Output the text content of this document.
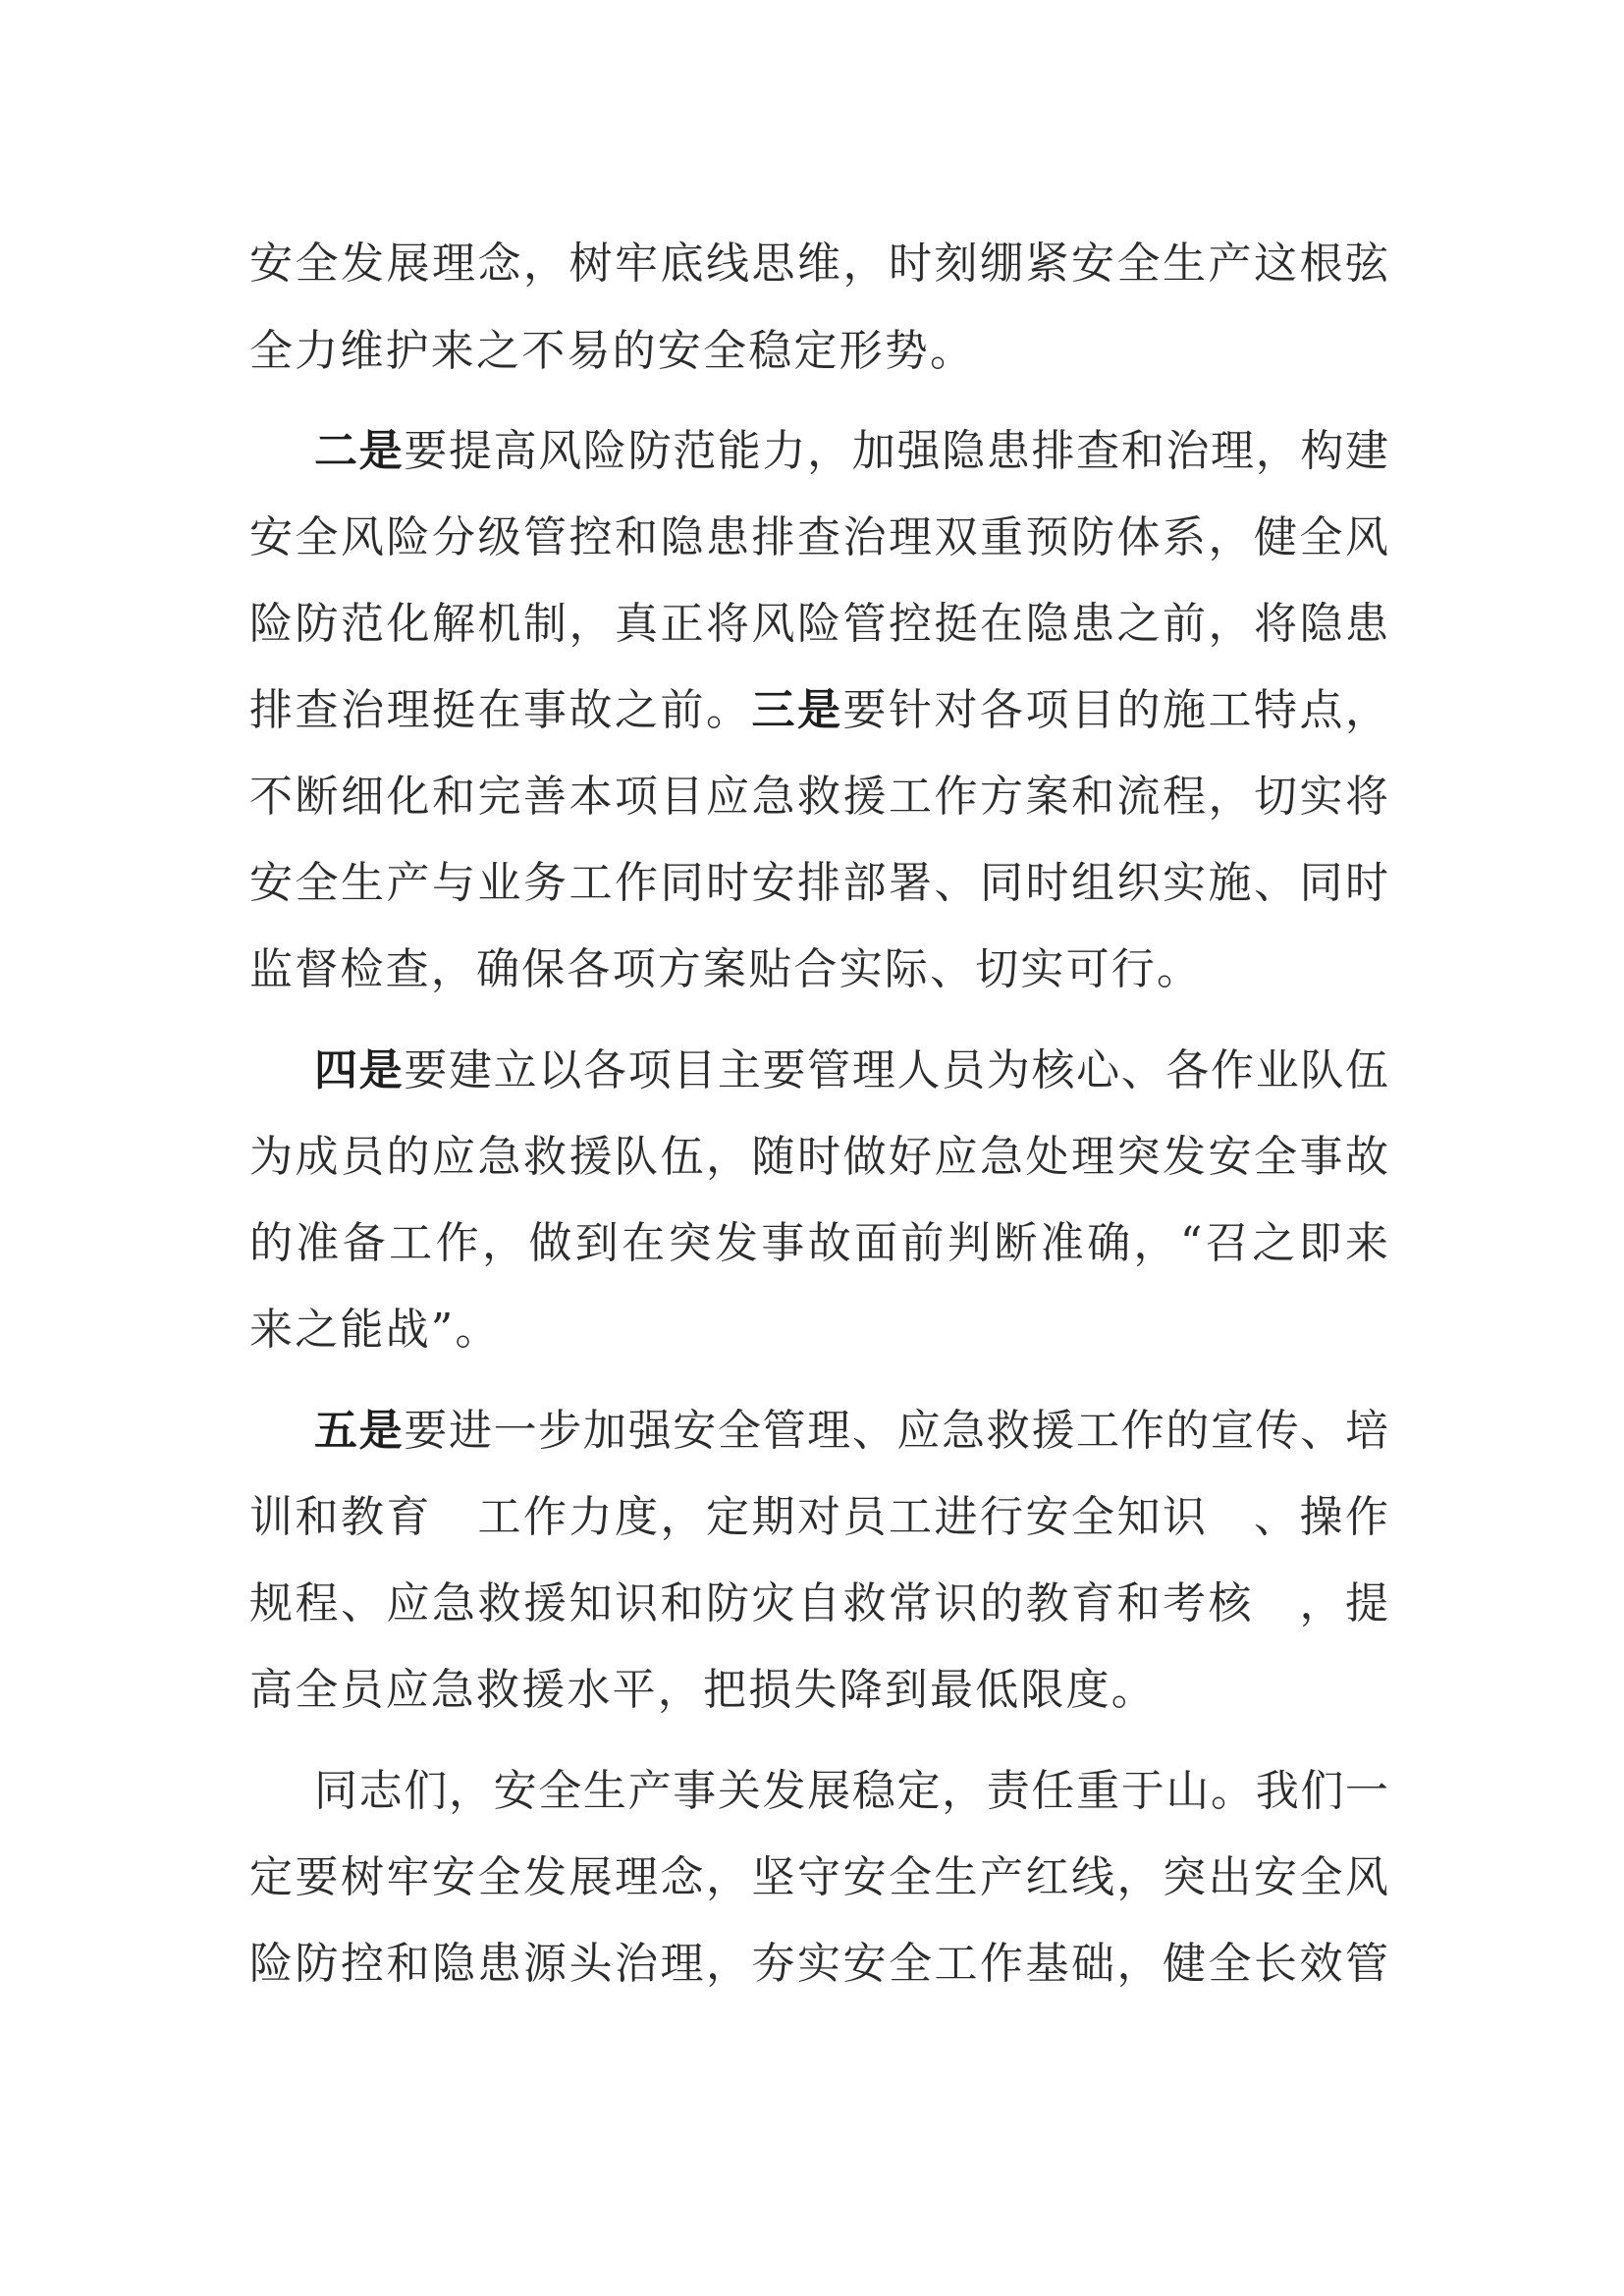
安全发展理念，树牢底线思维，时刻绷紧安全生产这根弦
全力维护来之不易的安全稳定形势。
二是要提高风险防范能力，加强隐患排查和治理，构建
安全风险分级管控和隐患排查治理双重预防体系，健全风
险防范化解机制，真正将风险管控挺在隐患之前，将隐患
排查治理挺在事故之前。三是要针对各项目的施工特点，
不断细化和完善本项目应急救援工作方案和流程，切实将
安全生产与业务工作同时安排部署、同时组织实施、同时
监督检查，确保各项方案贴合实际、切实可行。
四是要建立以各项目主要管理人员为核心、各作业队伍
为成员的应急救援队伍，随时做好应急处理突发安全事故
的准备工作，做到在突发事故面前判断准确，“召之即来
来之能战”。
五是要进一步加强安全管理、应急救援工作的宣传、培
训和教育　工作力度，定期对员工进行安全知识　、操作
规程、应急救援知识和防灾自救常识的教育和考核　，提
高全员应急救援水平，把损失降到最低限度。
同志们，安全生产事关发展稳定，责任重于山。我们一
定要树牢安全发展理念，坚守安全生产红线，突出安全风
险防控和隐患源头治理，夯实安全工作基础，健全长效管
